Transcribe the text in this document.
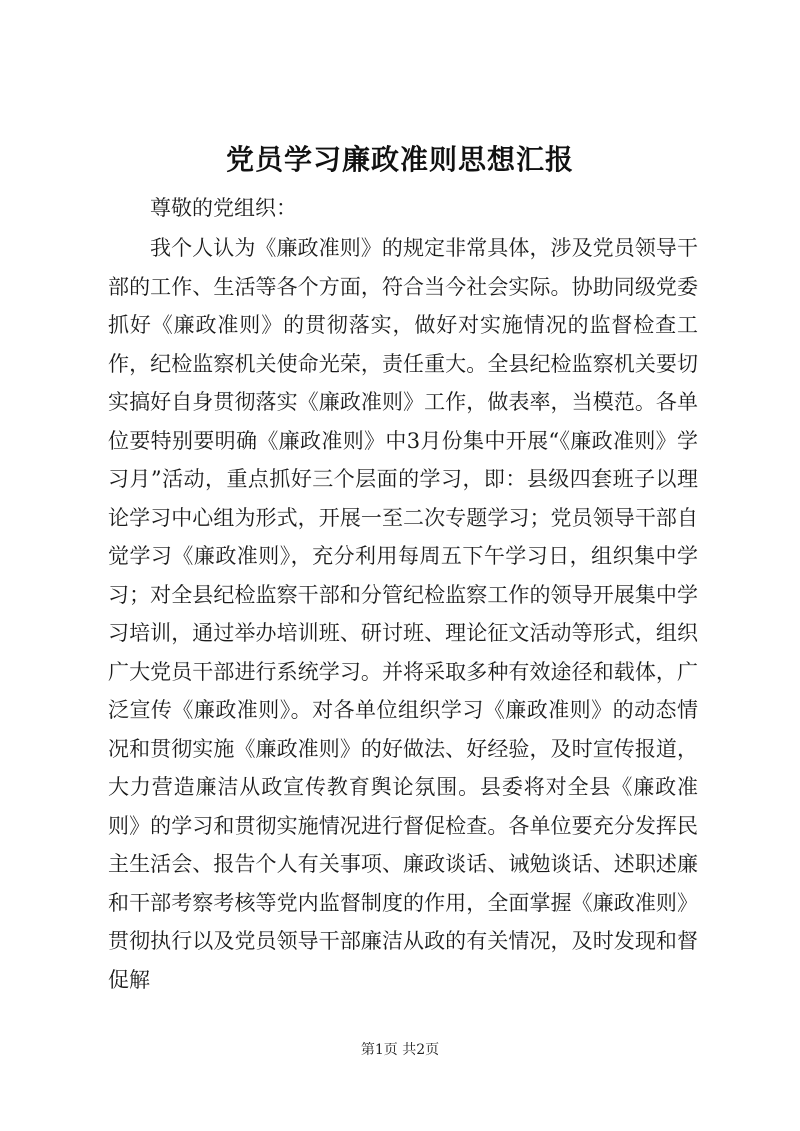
党员学习廉政准则思想汇报
尊敬的党组织：

我个人认为《廉政准则》的规定非常具体，涉及党员领导干部的工作、生活等各个方面，符合当今社会实际。协助同级党委抓好《廉政准则》的贯彻落实，做好对实施情况的监督检查工作，纪检监察机关使命光荣，责任重大。全县纪检监察机关要切实搞好自身贯彻落实《廉政准则》工作，做表率，当模范。各单位要特别要明确《廉政准则》中3月份集中开展“《廉政准则》学习月”活动，重点抓好三个层面的学习，即：县级四套班子以理论学习中心组为形式，开展一至二次专题学习；党员领导干部自觉学习《廉政准则》，充分利用每周五下午学习日，组织集中学习；对全县纪检监察干部和分管纪检监察工作的领导开展集中学习培训，通过举办培训班、研讨班、理论征文活动等形式，组织广大党员干部进行系统学习。并将采取多种有效途径和载体，广泛宣传《廉政准则》。对各单位组织学习《廉政准则》的动态情况和贯彻实施《廉政准则》的好做法、好经验，及时宣传报道，大力营造廉洁从政宣传教育舆论氛围。县委将对全县《廉政准则》的学习和贯彻实施情况进行督促检查。各单位要充分发挥民主生活会、报告个人有关事项、廉政谈话、诫勉谈话、述职述廉和干部考察考核等党内监督制度的作用，全面掌握《廉政准则》贯彻执行以及党员领导干部廉洁从政的有关情况，及时发现和督促解

第1页 共2页
